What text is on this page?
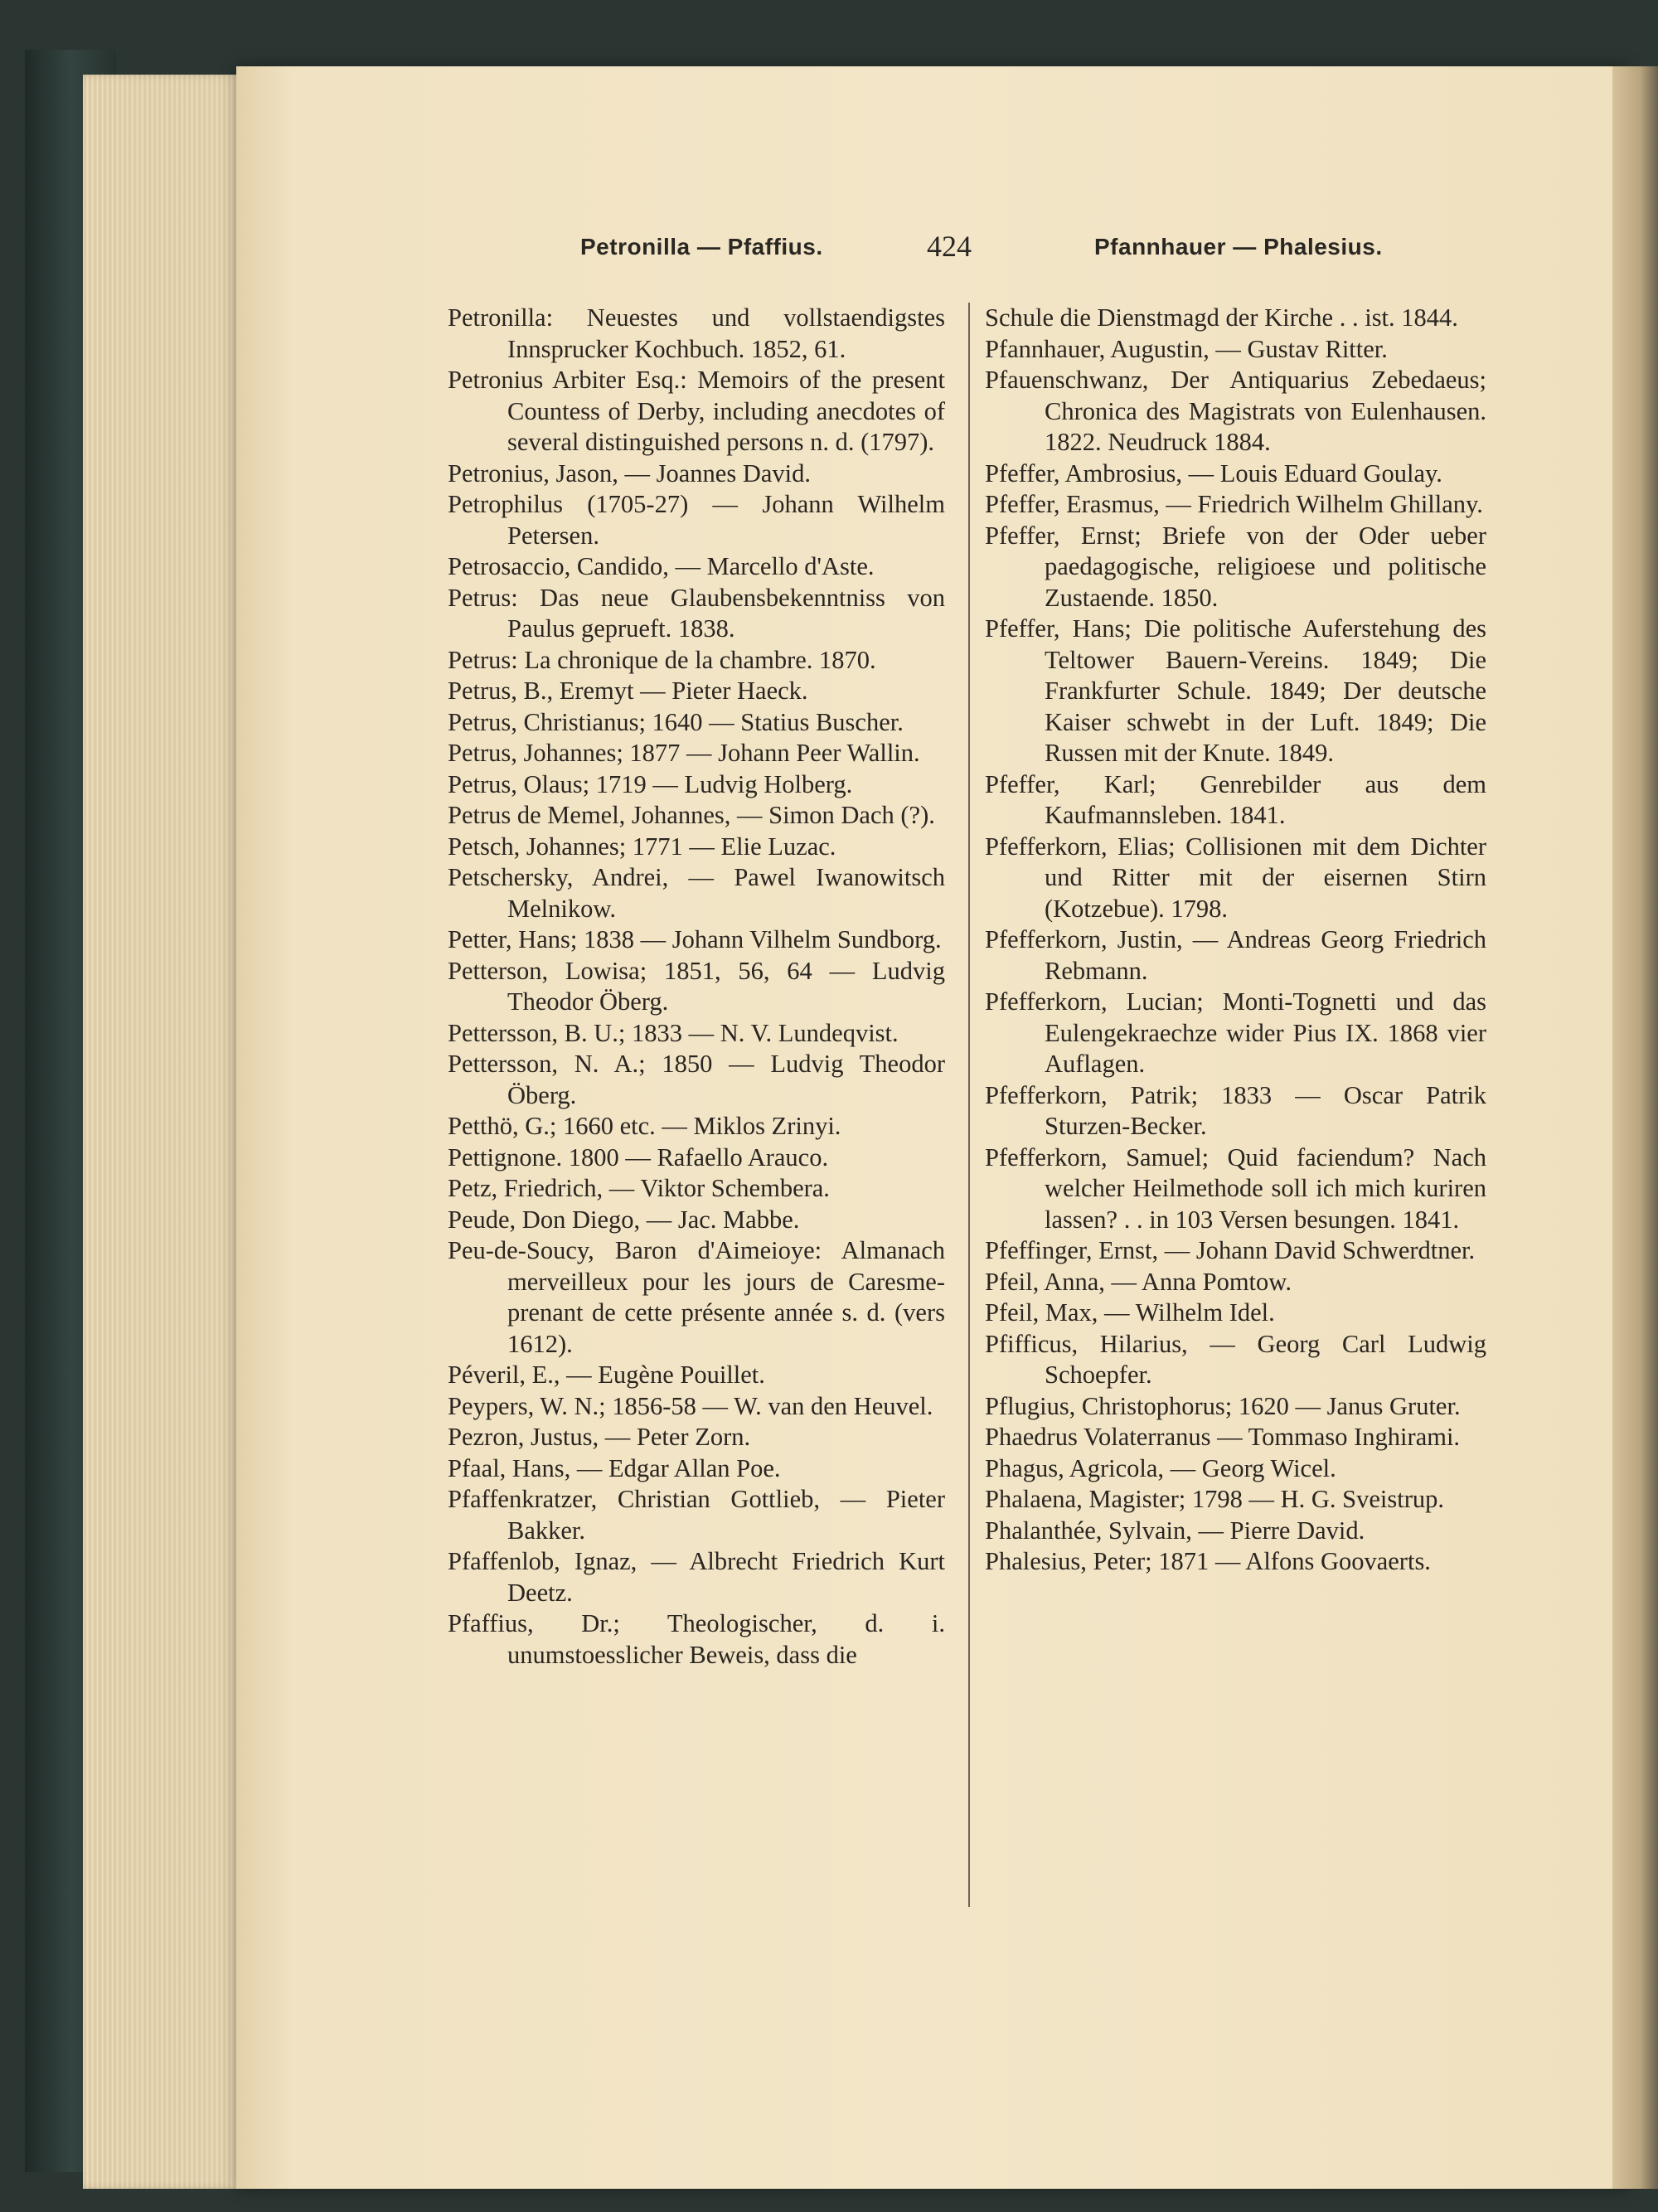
Petronilla — Pfaffius.	424	Pfannhauer — Phalesius.

Petronilla: Neuestes und vollstaendigstes Innsprucker Kochbuch. 1852, 61.

Petronius Arbiter Esq.: Memoirs of the present Countess of Derby, including anecdotes of several distinguished persons n. d. (1797).

Petronius, Jason, — Joannes David.

Petrophilus (1705-27) — Johann Wilhelm Petersen.

Petrosaccio, Candido, — Marcello d'Aste.

Petrus: Das neue Glaubensbekenntniss von Paulus geprueft. 1838.

Petrus: La chronique de la chambre. 1870.

Petrus, B., Eremyt — Pieter Haeck.

Petrus, Christianus; 1640 — Statius Buscher.

Petrus, Johannes; 1877 — Johann Peer Wallin.

Petrus, Olaus; 1719 — Ludvig Holberg.

Petrus de Memel, Johannes, — Simon Dach (?).

Petsch, Johannes; 1771 — Elie Luzac.

Petschersky, Andrei, — Pawel Iwanowitsch Melnikow.

Petter, Hans; 1838 — Johann Vilhelm Sundborg.

Petterson, Lowisa; 1851, 56, 64 — Ludvig Theodor Öberg.

Pettersson, B. U.; 1833 — N. V. Lundeqvist.

Pettersson, N. A.; 1850 — Ludvig Theodor Öberg.

Petthö, G.; 1660 etc. — Miklos Zrinyi.

Pettignone. 1800 — Rafaello Arauco.

Petz, Friedrich, — Viktor Schembera.

Peude, Don Diego, — Jac. Mabbe.

Peu-de-Soucy, Baron d'Aimeioye: Almanach merveilleux pour les jours de Caresme-prenant de cette présente année s. d. (vers 1612).

Péveril, E., — Eugène Pouillet.

Peypers, W. N.; 1856-58 — W. van den Heuvel.

Pezron, Justus, — Peter Zorn.

Pfaal, Hans, — Edgar Allan Poe.

Pfaffenkratzer, Christian Gottlieb, — Pieter Bakker.

Pfaffenlob, Ignaz, — Albrecht Friedrich Kurt Deetz.

Pfaffius, Dr.; Theologischer, d. i. unumstoesslicher Beweis, dass die

Schule die Dienstmagd der Kirche . . ist. 1844.

Pfannhauer, Augustin, — Gustav Ritter.

Pfauenschwanz, Der Antiquarius Zebedaeus; Chronica des Magistrats von Eulenhausen. 1822. Neudruck 1884.

Pfeffer, Ambrosius, — Louis Eduard Goulay.

Pfeffer, Erasmus, — Friedrich Wilhelm Ghillany.

Pfeffer, Ernst; Briefe von der Oder ueber paedagogische, religioese und politische Zustaende. 1850.

Pfeffer, Hans; Die politische Auferstehung des Teltower Bauern-Vereins. 1849; Die Frankfurter Schule. 1849; Der deutsche Kaiser schwebt in der Luft. 1849; Die Russen mit der Knute. 1849.

Pfeffer, Karl; Genrebilder aus dem Kaufmannsleben. 1841.

Pfefferkorn, Elias; Collisionen mit dem Dichter und Ritter mit der eisernen Stirn (Kotzebue). 1798.

Pfefferkorn, Justin, — Andreas Georg Friedrich Rebmann.

Pfefferkorn, Lucian; Monti-Tognetti und das Eulengekraechze wider Pius IX. 1868 vier Auflagen.

Pfefferkorn, Patrik; 1833 — Oscar Patrik Sturzen-Becker.

Pfefferkorn, Samuel; Quid faciendum? Nach welcher Heilmethode soll ich mich kuriren lassen? . . in 103 Versen besungen. 1841.

Pfeffinger, Ernst, — Johann David Schwerdtner.

Pfeil, Anna, — Anna Pomtow.

Pfeil, Max, — Wilhelm Idel.

Pfifficus, Hilarius, — Georg Carl Ludwig Schoepfer.

Pflugius, Christophorus; 1620 — Janus Gruter.

Phaedrus Volaterranus — Tommaso Inghirami.

Phagus, Agricola, — Georg Wicel.

Phalaena, Magister; 1798 — H. G. Sveistrup.

Phalanthée, Sylvain, — Pierre David.

Phalesius, Peter; 1871 — Alfons Goovaerts.
